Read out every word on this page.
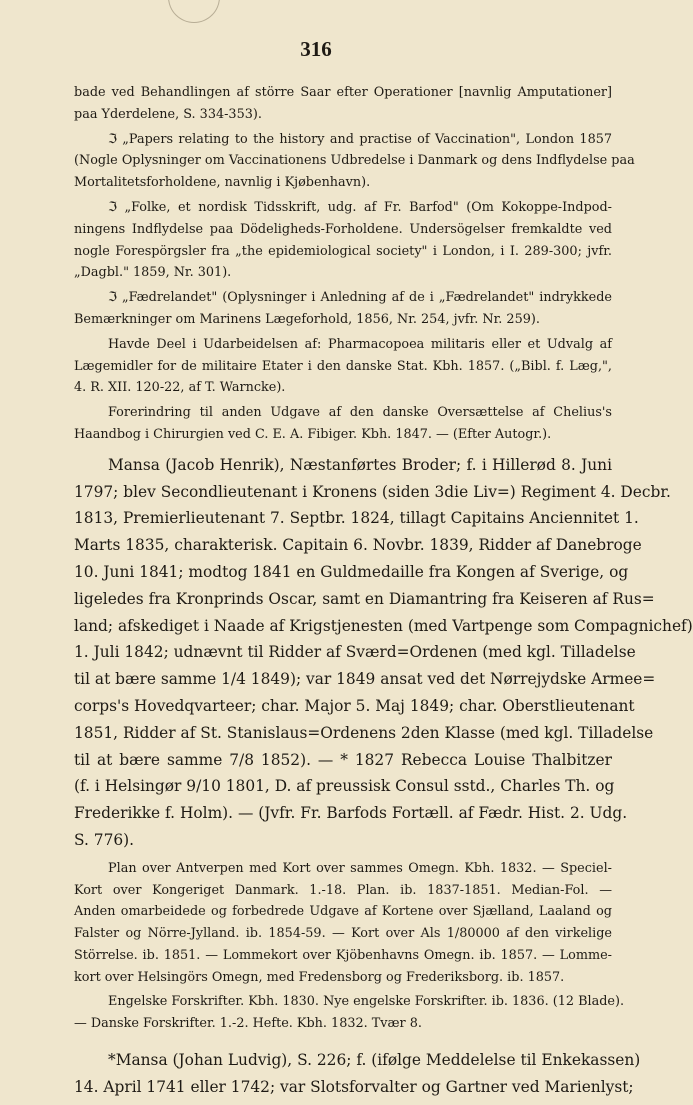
316
bade ved Behandlingen af större Saar efter Operationer [navnlig Amputationer]
paa Yderdelene, S. 334-353).
ℑ „Papers relating to the history and practise of Vaccination", London 1857
(Nogle Oplysninger om Vaccinationens Udbredelse i Danmark og dens Indflydelse paa
Mortalitetsforholdene, navnlig i Kjøbenhavn).
ℑ „Folke, et nordisk Tidsskrift, udg. af Fr. Barfod" (Om Kokoppe-Indpod-
ningens Indflydelse paa Dödeligheds-Forholdene. Undersögelser fremkaldte ved
nogle Forespörgsler fra „the epidemiological society" i London, i I. 289-300; jvfr.
„Dagbl." 1859, Nr. 301).
ℑ „Fædrelandet" (Oplysninger i Anledning af de i „Fædrelandet" indrykkede
Bemærkninger om Marinens Lægeforhold, 1856, Nr. 254, jvfr. Nr. 259).
Havde Deel i Udarbeidelsen af: Pharmacopoea militaris eller et Udvalg af
Lægemidler for de militaire Etater i den danske Stat. Kbh. 1857. („Bibl. f. Læg,",
4. R. XII. 120-22, af T. Warncke).
Forerindring til anden Udgave af den danske Oversættelse af Chelius's
Haandbog i Chirurgien ved C. E. A. Fibiger. Kbh. 1847. — (Efter Autogr.).
Mansa (Jacob Henrik), Næstanførtes Broder; f. i Hillerød 8. Juni
1797; blev Secondlieutenant i Kronens (siden 3die Liv=) Regiment 4. Decbr.
1813, Premierlieutenant 7. Septbr. 1824, tillagt Capitains Anciennitet 1.
Marts 1835, charakterisk. Capitain 6. Novbr. 1839, Ridder af Danebroge
10. Juni 1841; modtog 1841 en Guldmedaille fra Kongen af Sverige, og
ligeledes fra Kronprinds Oscar, samt en Diamantring fra Keiseren af Rus=
land; afskediget i Naade af Krigstjenesten (med Vartpenge som Compagnichef)
1. Juli 1842; udnævnt til Ridder af Sværd=Ordenen (med kgl. Tilladelse
til at bære samme 1/4 1849); var 1849 ansat ved det Nørrejydske Armee=
corps's Hovedqvarteer; char. Major 5. Maj 1849; char. Oberstlieutenant
1851, Ridder af St. Stanislaus=Ordenens 2den Klasse (med kgl. Tilladelse
til at bære samme 7/8 1852). — * 1827 Rebecca Louise Thalbitzer
(f. i Helsingør 9/10 1801, D. af preussisk Consul sstd., Charles Th. og
Frederikke f. Holm). — (Jvfr. Fr. Barfods Fortæll. af Fædr. Hist. 2. Udg.
S. 776).
Plan over Antverpen med Kort over sammes Omegn. Kbh. 1832. — Speciel-
Kort over Kongeriget Danmark. 1.-18. Plan. ib. 1837-1851. Median-Fol. —
Anden omarbeidede og forbedrede Udgave af Kortene over Sjælland, Laaland og
Falster og Nörre-Jylland. ib. 1854-59. — Kort over Als 1/80000 af den virkelige
Störrelse. ib. 1851. — Lommekort over Kjöbenhavns Omegn. ib. 1857. — Lomme-
kort over Helsingörs Omegn, med Fredensborg og Frederiksborg. ib. 1857.
Engelske Forskrifter. Kbh. 1830. Nye engelske Forskrifter. ib. 1836. (12 Blade).
— Danske Forskrifter. 1.-2. Hefte. Kbh. 1832. Tvær 8.
*Mansa (Johan Ludvig), S. 226; f. (ifølge Meddelelse til Enkekassen)
14. April 1741 eller 1742; var Slotsforvalter og Gartner ved Marienlyst;
